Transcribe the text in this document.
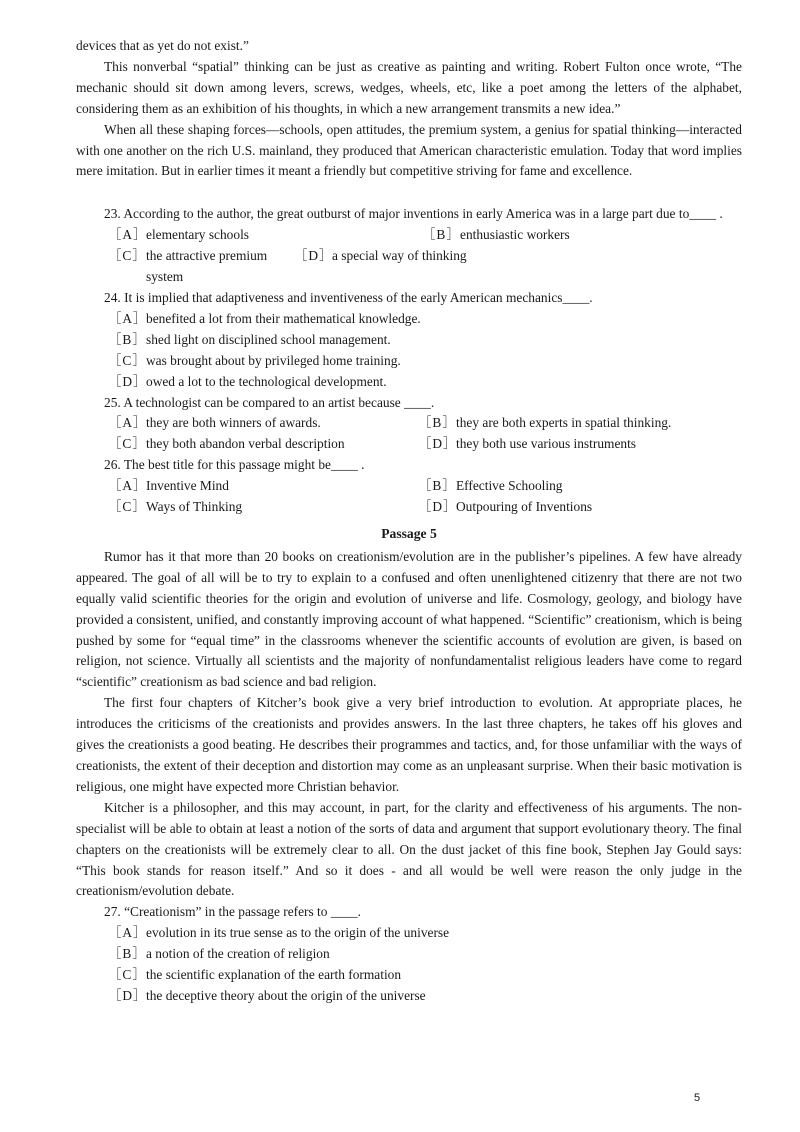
devices that as yet do not exist.”

This nonverbal “spatial” thinking can be just as creative as painting and writing. Robert Fulton once wrote, “The mechanic should sit down among levers, screws, wedges, wheels, etc, like a poet among the letters of the alphabet, considering them as an exhibition of his thoughts, in which a new arrangement transmits a new idea.”

When all these shaping forces—schools, open attitudes, the premium system, a genius for spatial thinking—interacted with one another on the rich U.S. mainland, they produced that American characteristic emulation. Today that word implies mere imitation. But in earlier times it meant a friendly but competitive striving for fame and excellence.

23. According to the author, the great outburst of major inventions in early America was in a large part due to____ .

［A］
elementary schools	［B］ enthusiastic workers
［C］ the attractive premium system
［D］
a special way of thinking

24. It is implied that adaptiveness and inventiveness of the early American mechanics____.

［A］
benefited a lot from their mathematical knowledge.
［B］ shed light on disciplined school management.
［C］ was brought about by privileged home training.
［D］
owed a lot to the technological development.

25. A technologist can be compared to an artist because ____.

［A］
they are both winners of awards.	［B］ they are both experts in spatial thinking.
［C］ they both abandon verbal description	［D］
they both use various instruments

26. The best title for this passage might be____ .

［A］
Inventive Mind	［B］ Effective Schooling
［C］ Ways of Thinking	［D］
Outpouring of Inventions
Passage 5

Rumor has it that more than 20 books on creationism/evolution are in the publisher’s pipelines. A few have already appeared. The goal of all will be to try to explain to a confused and often unenlightened citizenry that there are not two equally valid scientific theories for the origin and evolution of universe and life. Cosmology, geology, and biology have provided a consistent, unified, and constantly improving account of what happened. “Scientific” creationism, which is being pushed by some for “equal time” in the classrooms whenever the scientific accounts of evolution are given, is based on religion, not science. Virtually all scientists and the majority of nonfundamentalist religious leaders have come to regard “scientific” creationism as bad science and bad religion.

The first four chapters of Kitcher’s book give a very brief introduction to evolution. At appropriate places, he introduces the criticisms of the creationists and provides answers. In the last three chapters, he takes off his gloves and gives the creationists a good beating. He describes their programmes and tactics, and, for those unfamiliar with the ways of creationists, the extent of their deception and distortion may come as an unpleasant surprise. When their basic motivation is religious, one might have expected more Christian behavior.

Kitcher is a philosopher, and this may account, in part, for the clarity and effectiveness of his arguments. The non-specialist will be able to obtain at least a notion of the sorts of data and argument that support evolutionary theory. The final chapters on the creationists will be extremely clear to all. On the dust jacket of this fine book, Stephen Jay Gould says: “This book stands for reason itself.” And so it does - and all would be well were reason the only judge in the creationism/evolution debate.

27. “Creationism” in the passage refers to ____.

［A］
evolution in its true sense as to the origin of the universe
［B］ a notion of the creation of religion
［C］ the scientific explanation of the earth formation
［D］
the deceptive theory about the origin of the universe
5
